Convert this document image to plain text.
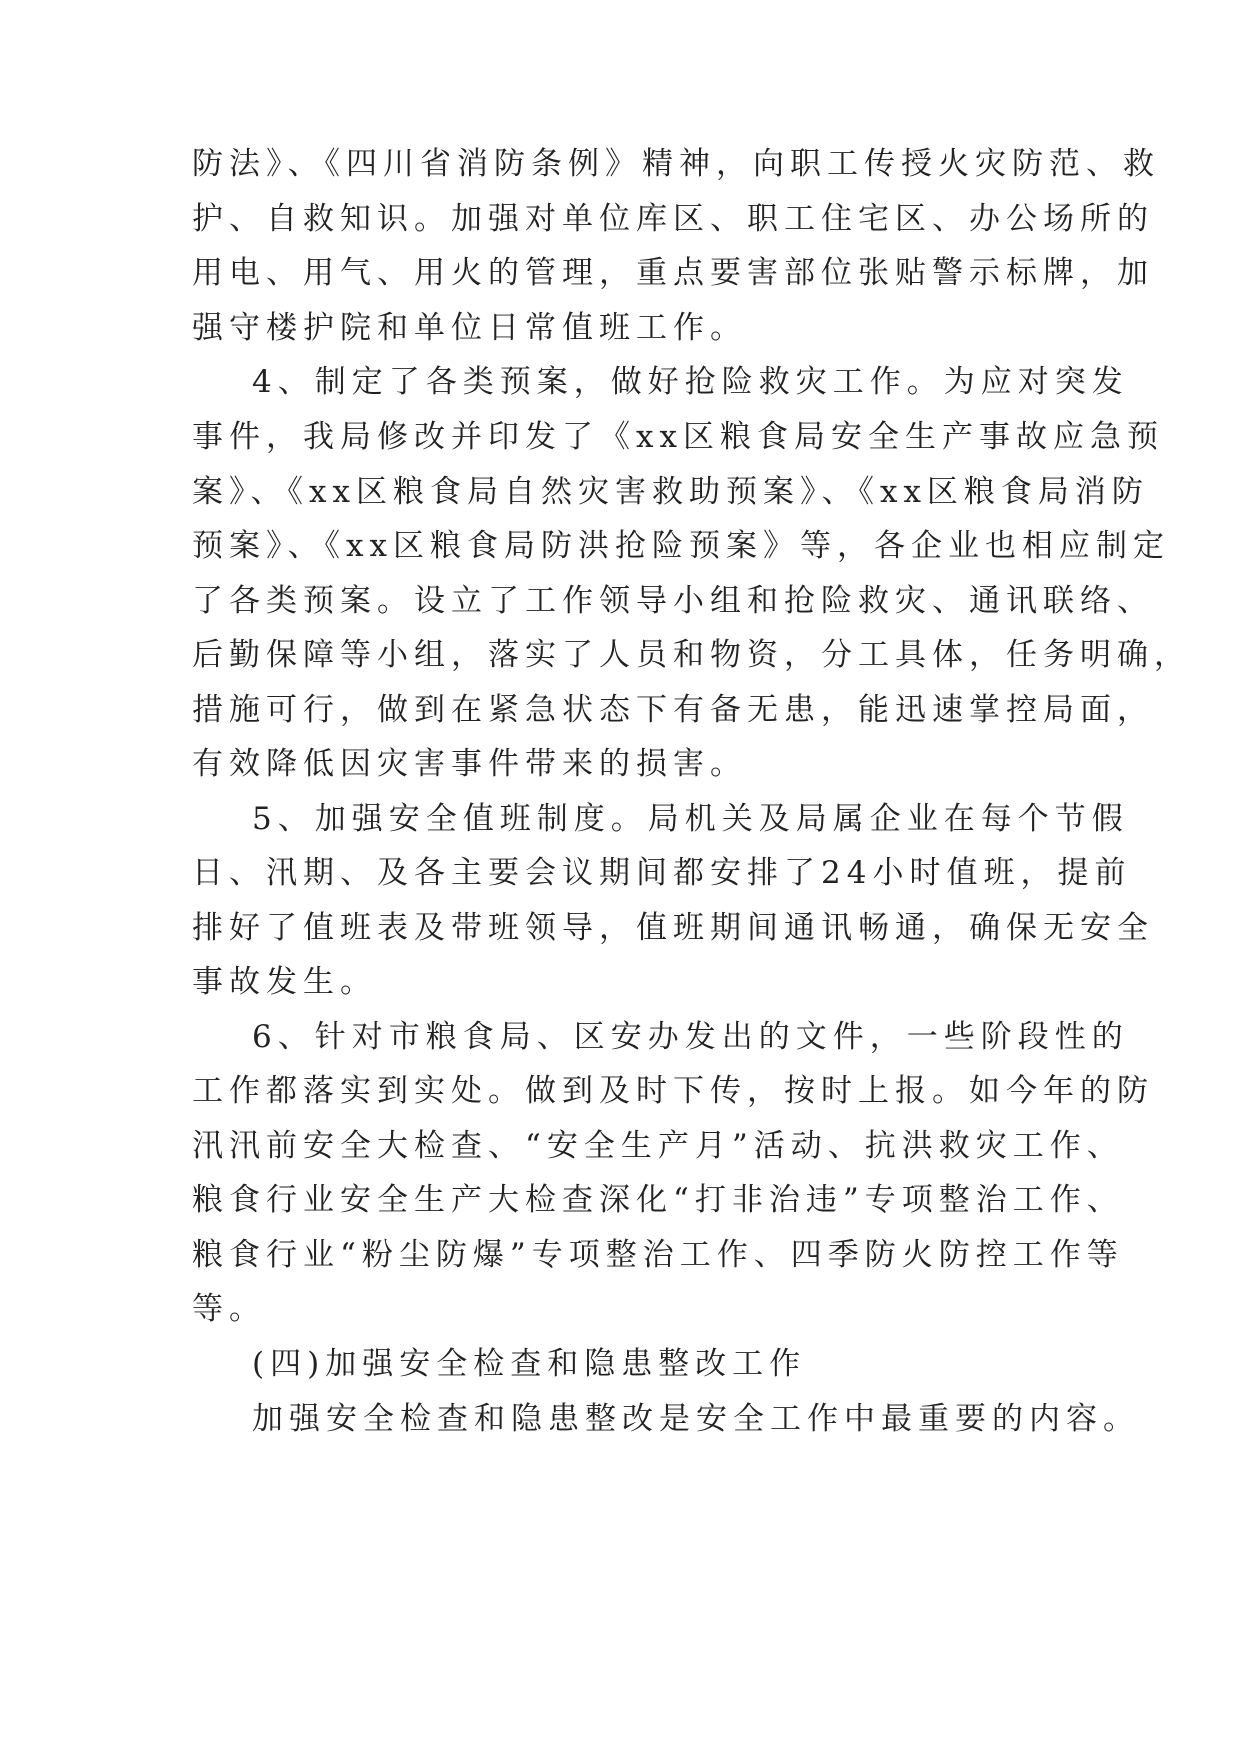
防法》、《四川省消防条例》精神，向职工传授火灾防范、救
护、自救知识。加强对单位库区、职工住宅区、办公场所的
用电、用气、用火的管理，重点要害部位张贴警示标牌，加
强守楼护院和单位日常值班工作。
4、制定了各类预案，做好抢险救灾工作。为应对突发
事件，我局修改并印发了《xx区粮食局安全生产事故应急预
案》、《xx区粮食局自然灾害救助预案》、《xx区粮食局消防
预案》、《xx区粮食局防洪抢险预案》等，各企业也相应制定
了各类预案。设立了工作领导小组和抢险救灾、通讯联络、
后勤保障等小组，落实了人员和物资，分工具体，任务明确，
措施可行，做到在紧急状态下有备无患，能迅速掌控局面，
有效降低因灾害事件带来的损害。
5、加强安全值班制度。局机关及局属企业在每个节假
日、汛期、及各主要会议期间都安排了24小时值班，提前
排好了值班表及带班领导，值班期间通讯畅通，确保无安全
事故发生。
6、针对市粮食局、区安办发出的文件，一些阶段性的
工作都落实到实处。做到及时下传，按时上报。如今年的防
汛汛前安全大检查、“安全生产月”活动、抗洪救灾工作、
粮食行业安全生产大检查深化“打非治违”专项整治工作、
粮食行业“粉尘防爆”专项整治工作、四季防火防控工作等
等。
(四)加强安全检查和隐患整改工作
加强安全检查和隐患整改是安全工作中最重要的内容。
